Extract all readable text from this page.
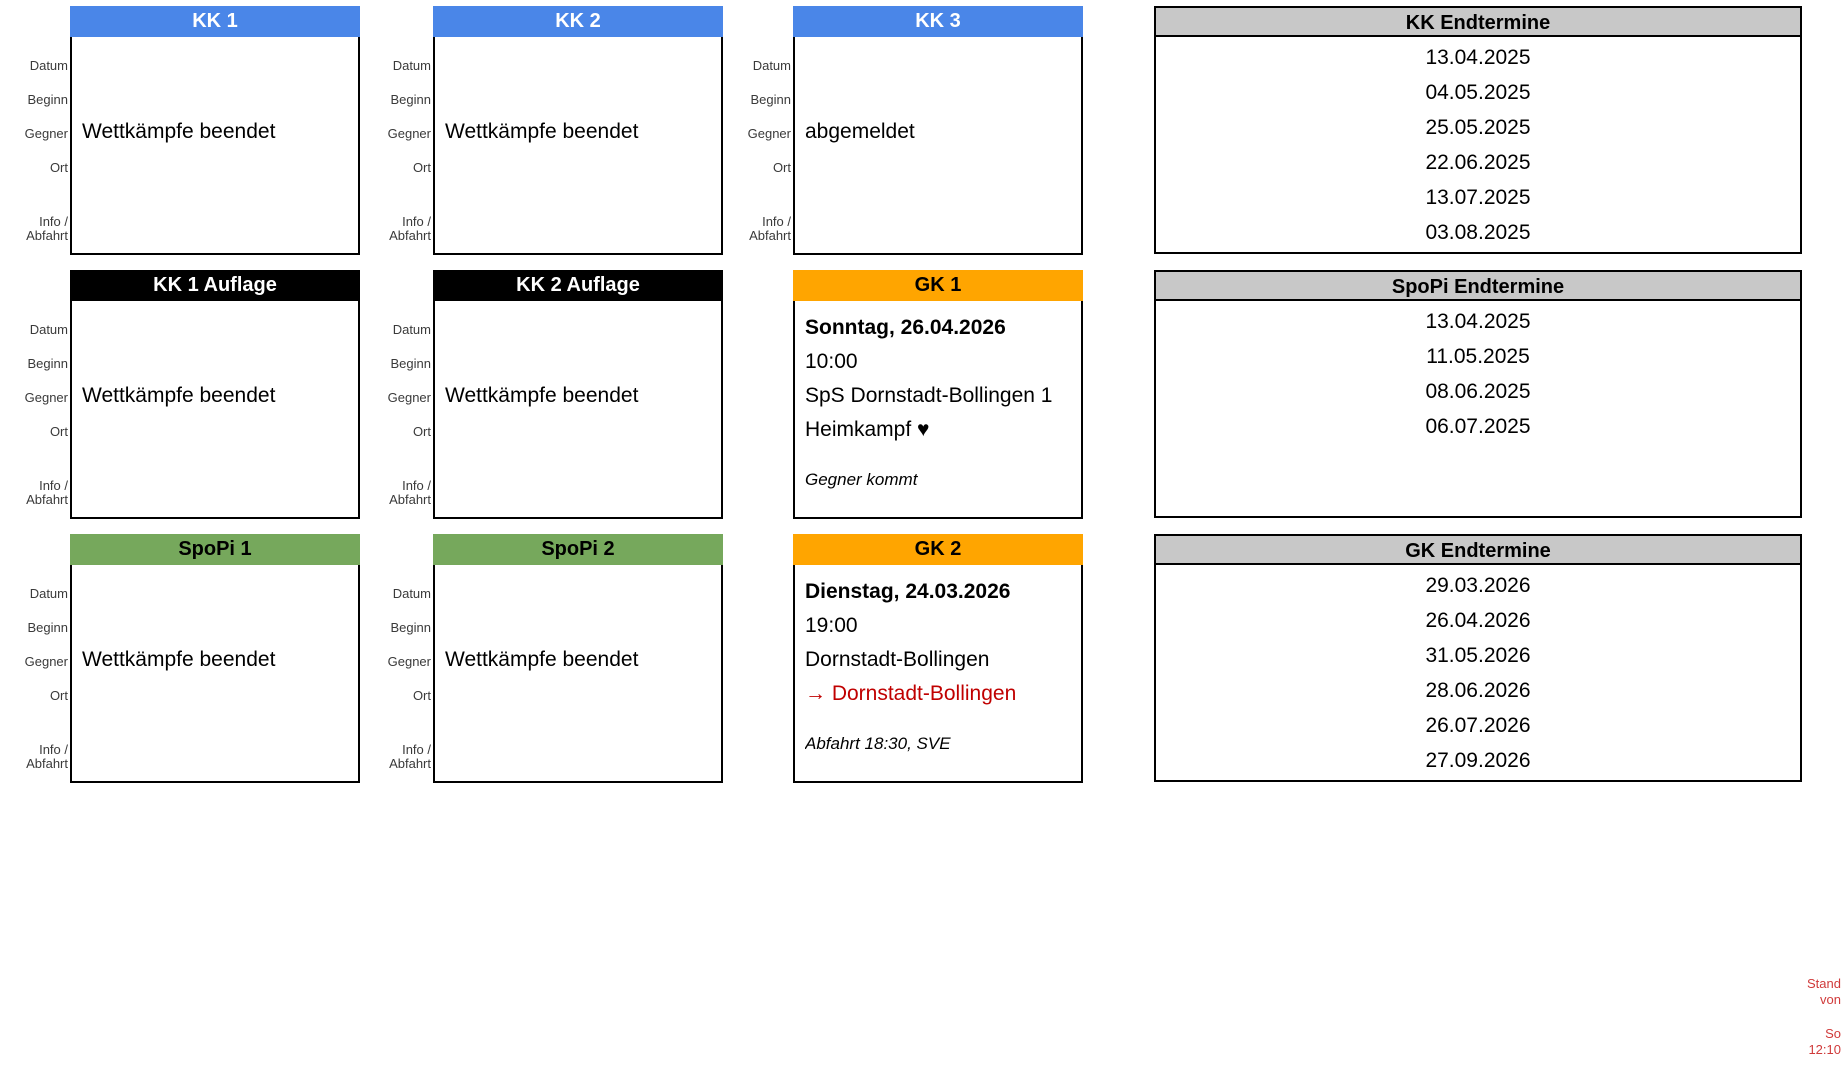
KK 1
Datum
Beginn
Gegner
Ort
Info /

Abfahrt
Wettkämpfe beendet
KK 2
Datum
Beginn
Gegner
Ort
Info /

Abfahrt
Wettkämpfe beendet
KK 3
Datum
Beginn
Gegner
Ort
Info /

Abfahrt
abgemeldet
KK 1 Auflage
Datum
Beginn
Gegner
Ort
Info /

Abfahrt
Wettkämpfe beendet
KK 2 Auflage
Datum
Beginn
Gegner
Ort
Info /

Abfahrt
Wettkämpfe beendet
GK 1
Sonntag, 26.04.2026
10:00
SpS Dornstadt-Bollingen 1
Heimkampf ♥
Gegner kommt
SpoPi 1
Datum
Beginn
Gegner
Ort
Info /

Abfahrt
Wettkämpfe beendet
SpoPi 2
Datum
Beginn
Gegner
Ort
Info /

Abfahrt
Wettkämpfe beendet
GK 2
Dienstag, 24.03.2026
19:00
Dornstadt-Bollingen
→ Dornstadt-Bollingen
Abfahrt 18:30, SVE
KK Endtermine
13.04.2025
04.05.2025
25.05.2025
22.06.2025
13.07.2025
03.08.2025
SpoPi Endtermine
13.04.2025
11.05.2025
08.06.2025
06.07.2025
GK Endtermine
29.03.2026
26.04.2026
31.05.2026
28.06.2026
26.07.2026
27.09.2026
Stand
von
So
12:10
